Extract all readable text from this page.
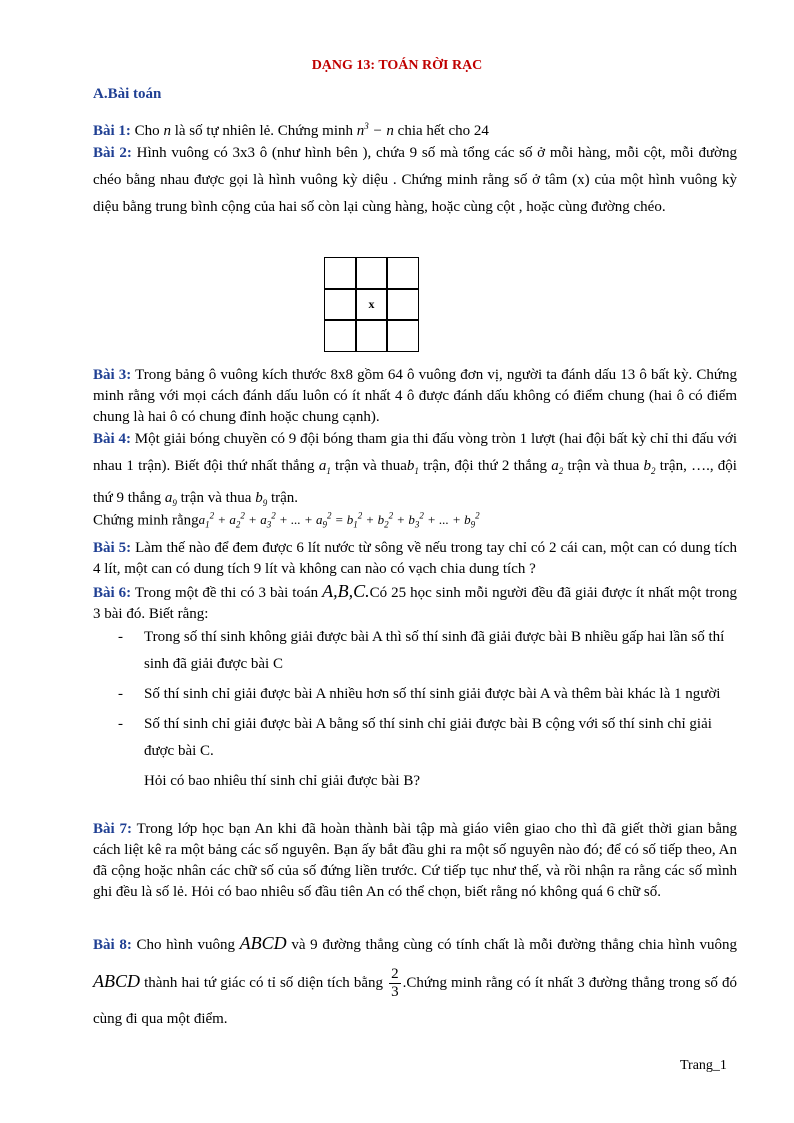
DẠNG 13: TOÁN RỜI RẠC
A.Bài toán
Bài 1: Cho n là số tự nhiên lẻ. Chứng minh $n^3 - n$ chia hết cho 24
Bài 2: Hình vuông có 3x3 ô (như hình bên ), chứa 9 số mà tổng các số ở mỗi hàng, mỗi cột, mỗi đường chéo bằng nhau được gọi là hình vuông kỳ diệu . Chứng minh rằng số ở tâm (x) của một hình vuông kỳ diệu bằng trung bình cộng của hai số còn lại cùng hàng, hoặc cùng cột , hoặc cùng đường chéo.
x
Bài 3: Trong bảng ô vuông kích thước 8x8 gồm 64 ô vuông đơn vị, người ta đánh dấu 13 ô bất kỳ. Chứng minh rằng với mọi cách đánh dấu luôn có ít nhất 4 ô được đánh dấu không có điểm chung (hai ô có điểm chung là hai ô có chung đỉnh hoặc chung cạnh).
Bài 4: Một giải bóng chuyền có 9 đội bóng tham gia thi đấu vòng tròn 1 lượt (hai đội bất kỳ chỉ thi đấu với nhau 1 trận). Biết đội thứ nhất thắng $a_1$ trận và thuab$_1$ trận, đội thứ 2 thắng $a_2$ trận và thua $b_2$ trận, …., đội thứ 9 thắng $a_9$ trận và thua $b_9$ trận.
Chứng minh rằnga$_1^2$ + $a_2^2 + a_3^2$ + ... + $a_9^2 = b_1^2 + b_2^2 + b_3^2$ + ... + $b_9^2$
Bài 5: Làm thế nào để đem được 6 lít nước từ sông về nếu trong tay chỉ có 2 cái can, một can có dung tích 4 lít, một can có dung tích 9 lít và không can nào có vạch chia dung tích ?
Bài 6: Trong một đề thi có 3 bài toán A,B,C.Có 25 học sinh mỗi người đều đã giải được ít nhất một trong 3 bài đó. Biết rằng:
-	Trong số thí sinh không giải được bài A thì số thí sinh đã giải được bài B nhiều gấp hai lần số thí sinh đã giải được bài C
-	Số thí sinh chỉ giải được bài A nhiều hơn số thí sinh giải được bài A và thêm bài khác là 1 người
-	Số thí sinh chỉ giải được bài A bằng số thí sinh chỉ giải được bài B cộng với số thí sinh chỉ giải được bài C.
Hỏi có bao nhiêu thí sinh chỉ giải được bài B?
Bài 7: Trong lớp học bạn An khi đã hoàn thành bài tập mà giáo viên giao cho thì đã giết thời gian bằng cách liệt kê ra một bảng các số nguyên. Bạn ấy bắt đầu ghi ra một số nguyên nào đó; để có số tiếp theo, An đã cộng hoặc nhân các chữ số của số đứng liền trước. Cứ tiếp tục như thế, và rồi nhận ra rằng các số mình ghi đều là số lẻ. Hỏi có bao nhiêu số đầu tiên An có thể chọn, biết rằng nó không quá 6 chữ số.
Bài 8: Cho hình vuông ABCD và 9 đường thẳng cùng có tính chất là mỗi đường thẳng chia hình vuông ABCD thành hai tứ giác có tỉ số diện tích bằng $\frac{2}{3}$ .Chứng minh rằng có ít nhất 3 đường thẳng trong số đó cùng đi qua một điểm.
Trang_1
